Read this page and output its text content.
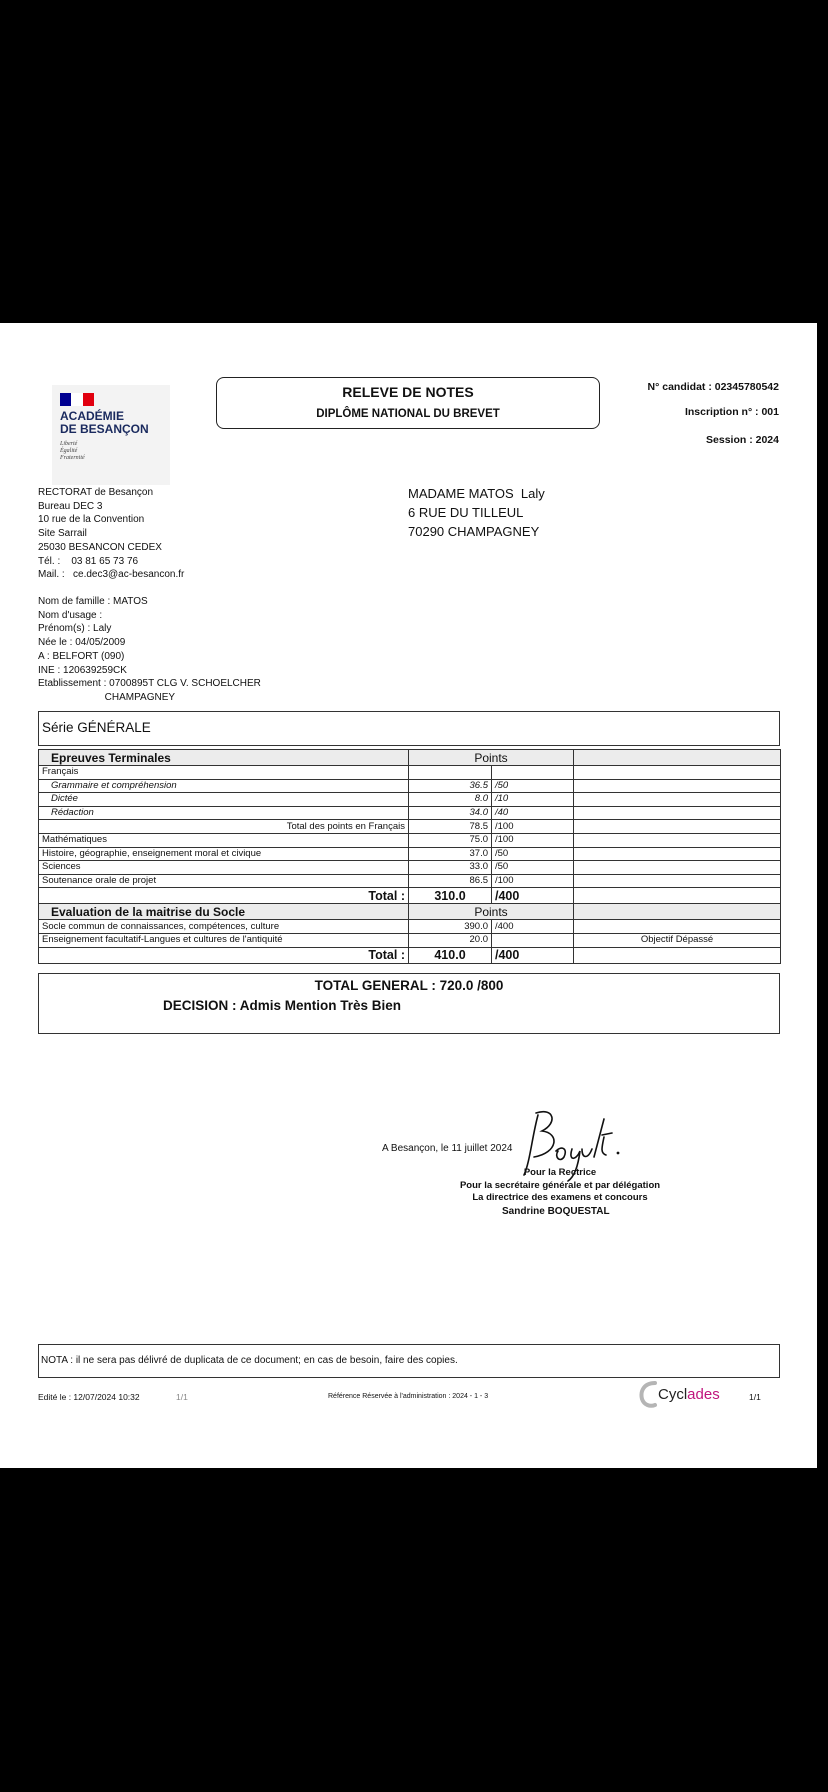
ACADÉMIE
DE BESANÇON
Liberté
Égalité
Fraternité
RELEVE DE NOTES
DIPLÔME NATIONAL DU BREVET
N° candidat : 02345780542
Inscription n° : 001
Session : 2024
RECTORAT de Besançon
Bureau DEC 3
10 rue de la Convention
Site Sarrail
25030 BESANCON CEDEX
Tél. :    03 81 65 73 76
Mail. :   ce.dec3@ac-besancon.fr
MADAME MATOS  Laly
6 RUE DU TILLEUL
70290 CHAMPAGNEY
Nom de famille : MATOS
Nom d'usage :
Prénom(s) : Laly
Née le : 04/05/2009
A : BELFORT (090)
INE : 120639259CK
Etablissement : 0700895T CLG V. SCHOELCHER
CHAMPAGNEY
Série GÉNÉRALE
Epreuves Terminales	Points		
Français			
Grammaire et compréhension	36.5	/50	
Dictée	8.0	/10	
Rédaction	34.0	/40	
Total des points en Français	78.5	/100	
Mathématiques	75.0	/100	
Histoire, géographie, enseignement moral et civique	37.0	/50	
Sciences	33.0	/50	
Soutenance orale de projet	86.5	/100	
Total :	310.0	/400	
Evaluation de la maitrise du Socle	Points		
Socle commun de connaissances, compétences, culture	390.0	/400	
Enseignement facultatif-Langues et cultures de l'antiquité	20.0		Objectif Dépassé
Total :	410.0	/400	
TOTAL GENERAL : 720.0 /800
DECISION : Admis Mention Très Bien
A Besançon, le 11 juillet 2024
Pour la Rectrice
Pour la secrétaire générale et par délégation
La directrice des examens et concours
Sandrine BOQUESTAL
NOTA : il ne sera pas délivré de duplicata de ce document; en cas de besoin, faire des copies.
Edité le : 12/07/2024 10:32	1/1	Référence Réservée à l'administration : 2024 - 1 - 3	Cycl ades	1/1
